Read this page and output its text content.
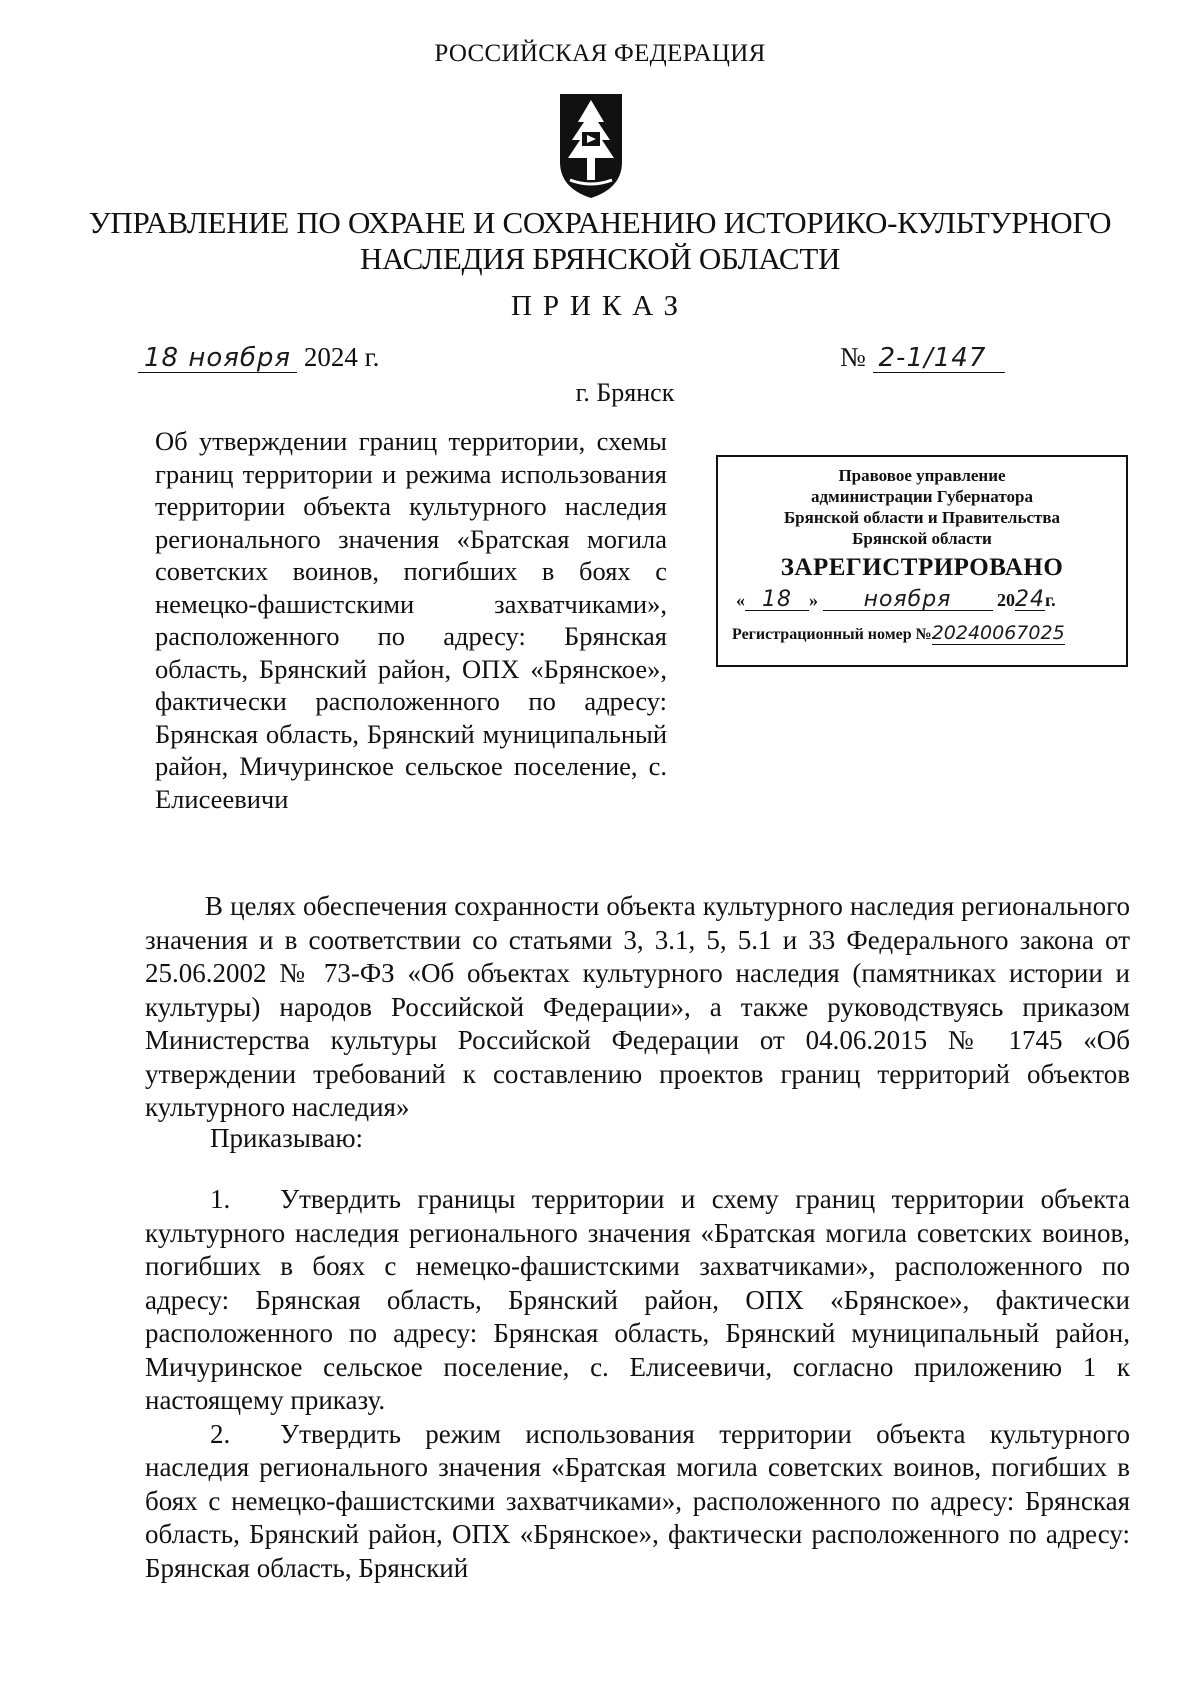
РОССИЙСКАЯ ФЕДЕРАЦИЯ
УПРАВЛЕНИЕ ПО ОХРАНЕ И СОХРАНЕНИЮ ИСТОРИКО-КУЛЬТУРНОГО
НАСЛЕДИЯ БРЯНСКОЙ ОБЛАСТИ
ПРИКАЗ
18 ноября 2024 г.	№ 2-1/147
г. Брянск

Об утверждении границ территории, схемы границ территории и режима использования территории объекта культурного наследия регионального значения «Братская могила советских воинов, погибших в боях с немецко-фашистскими захватчиками», расположенного по адресу: Брянская область, Брянский район, ОПХ «Брянское», фактически расположенного по адресу: Брянская область, Брянский муниципальный район, Мичуринское сельское поселение, с. Елисеевичи

Правовое управление
администрации Губернатора
Брянской области и Правительства
Брянской области
ЗАРЕГИСТРИРОВАНО
« 18 » ноября	2024г.
Регистрационный номер №20240067025

В целях обеспечения сохранности объекта культурного наследия регионального значения и в соответствии со статьями 3, 3.1, 5, 5.1 и 33 Федерального закона от 25.06.2002 № 73-ФЗ «Об объектах культурного наследия (памятниках истории и культуры) народов Российской Федерации», а также руководствуясь приказом Министерства культуры Российской Федерации от 04.06.2015 № 1745 «Об утверждении требований к составлению проектов границ территорий объектов культурного наследия»

Приказываю:

1. Утвердить границы территории и схему границ территории объекта культурного наследия регионального значения «Братская могила советских воинов, погибших в боях с немецко-фашистскими захватчиками», расположенного по адресу: Брянская область, Брянский район, ОПХ «Брянское», фактически расположенного по адресу: Брянская область, Брянский муниципальный район, Мичуринское сельское поселение, с. Елисеевичи, согласно приложению 1 к настоящему приказу.

2. Утвердить режим использования территории объекта культурного наследия регионального значения «Братская могила советских воинов, погибших в боях с немецко-фашистскими захватчиками», расположенного по адресу: Брянская область, Брянский район, ОПХ «Брянское», фактически расположенного по адресу: Брянская область, Брянский
